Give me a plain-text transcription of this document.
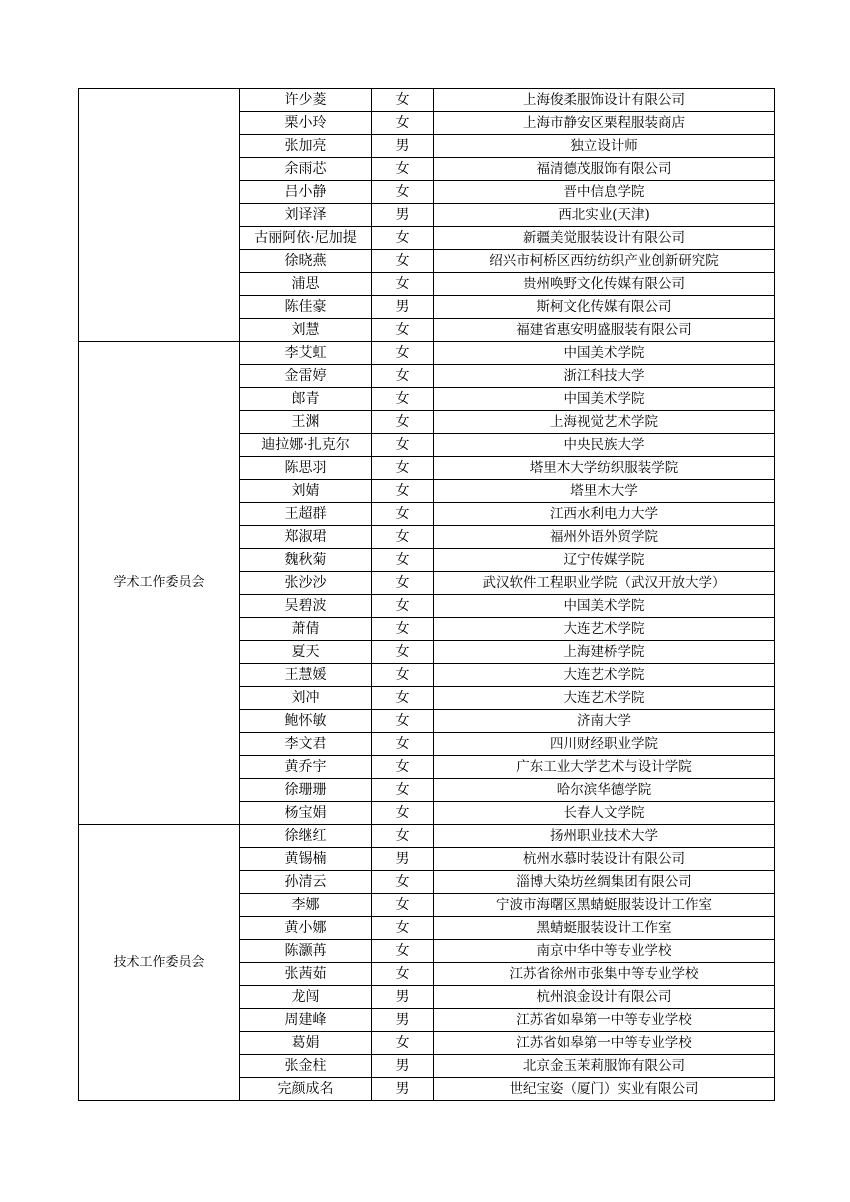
	许少菱	女	上海俊柔服饰设计有限公司
	栗小玲	女	上海市静安区栗程服装商店
	张加亮	男	独立设计师
	余雨芯	女	福清德茂服饰有限公司
	吕小静	女	晋中信息学院
	刘译泽	男	西北实业(天津)
	古丽阿依·尼加提	女	新疆美觉服装设计有限公司
	徐晓燕	女	绍兴市柯桥区西纺纺织产业创新研究院
	浦思	女	贵州唤野文化传媒有限公司
	陈佳豪	男	斯柯文化传媒有限公司
	刘慧	女	福建省惠安明盛服装有限公司
学术工作委员会	李艾虹	女	中国美术学院
	金雷婷	女	浙江科技大学
	郎青	女	中国美术学院
	王渊	女	上海视觉艺术学院
	迪拉娜·扎克尔	女	中央民族大学
	陈思羽	女	塔里木大学纺织服装学院
	刘婧	女	塔里木大学
	王超群	女	江西水利电力大学
	郑淑珺	女	福州外语外贸学院
	魏秋菊	女	辽宁传媒学院
	张沙沙	女	武汉软件工程职业学院（武汉开放大学）
	吴碧波	女	中国美术学院
	萧倩	女	大连艺术学院
	夏天	女	上海建桥学院
	王慧媛	女	大连艺术学院
	刘冲	女	大连艺术学院
	鲍怀敏	女	济南大学
	李文君	女	四川财经职业学院
	黄乔宇	女	广东工业大学艺术与设计学院
	徐珊珊	女	哈尔滨华德学院
	杨宝娟	女	长春人文学院
技术工作委员会	徐继红	女	扬州职业技术大学
	黄锡楠	男	杭州水慕时装设计有限公司
	孙清云	女	淄博大染坊丝绸集团有限公司
	李娜	女	宁波市海曙区黑蜻蜓服装设计工作室
	黄小娜	女	黑蜻蜓服装设计工作室
	陈灏苒	女	南京中华中等专业学校
	张茜茹	女	江苏省徐州市张集中等专业学校
	龙闯	男	杭州浪金设计有限公司
	周建峰	男	江苏省如皋第一中等专业学校
	葛娟	女	江苏省如皋第一中等专业学校
	张金柱	男	北京金玉茉莉服饰有限公司
	完颜成名	男	世纪宝姿（厦门）实业有限公司
